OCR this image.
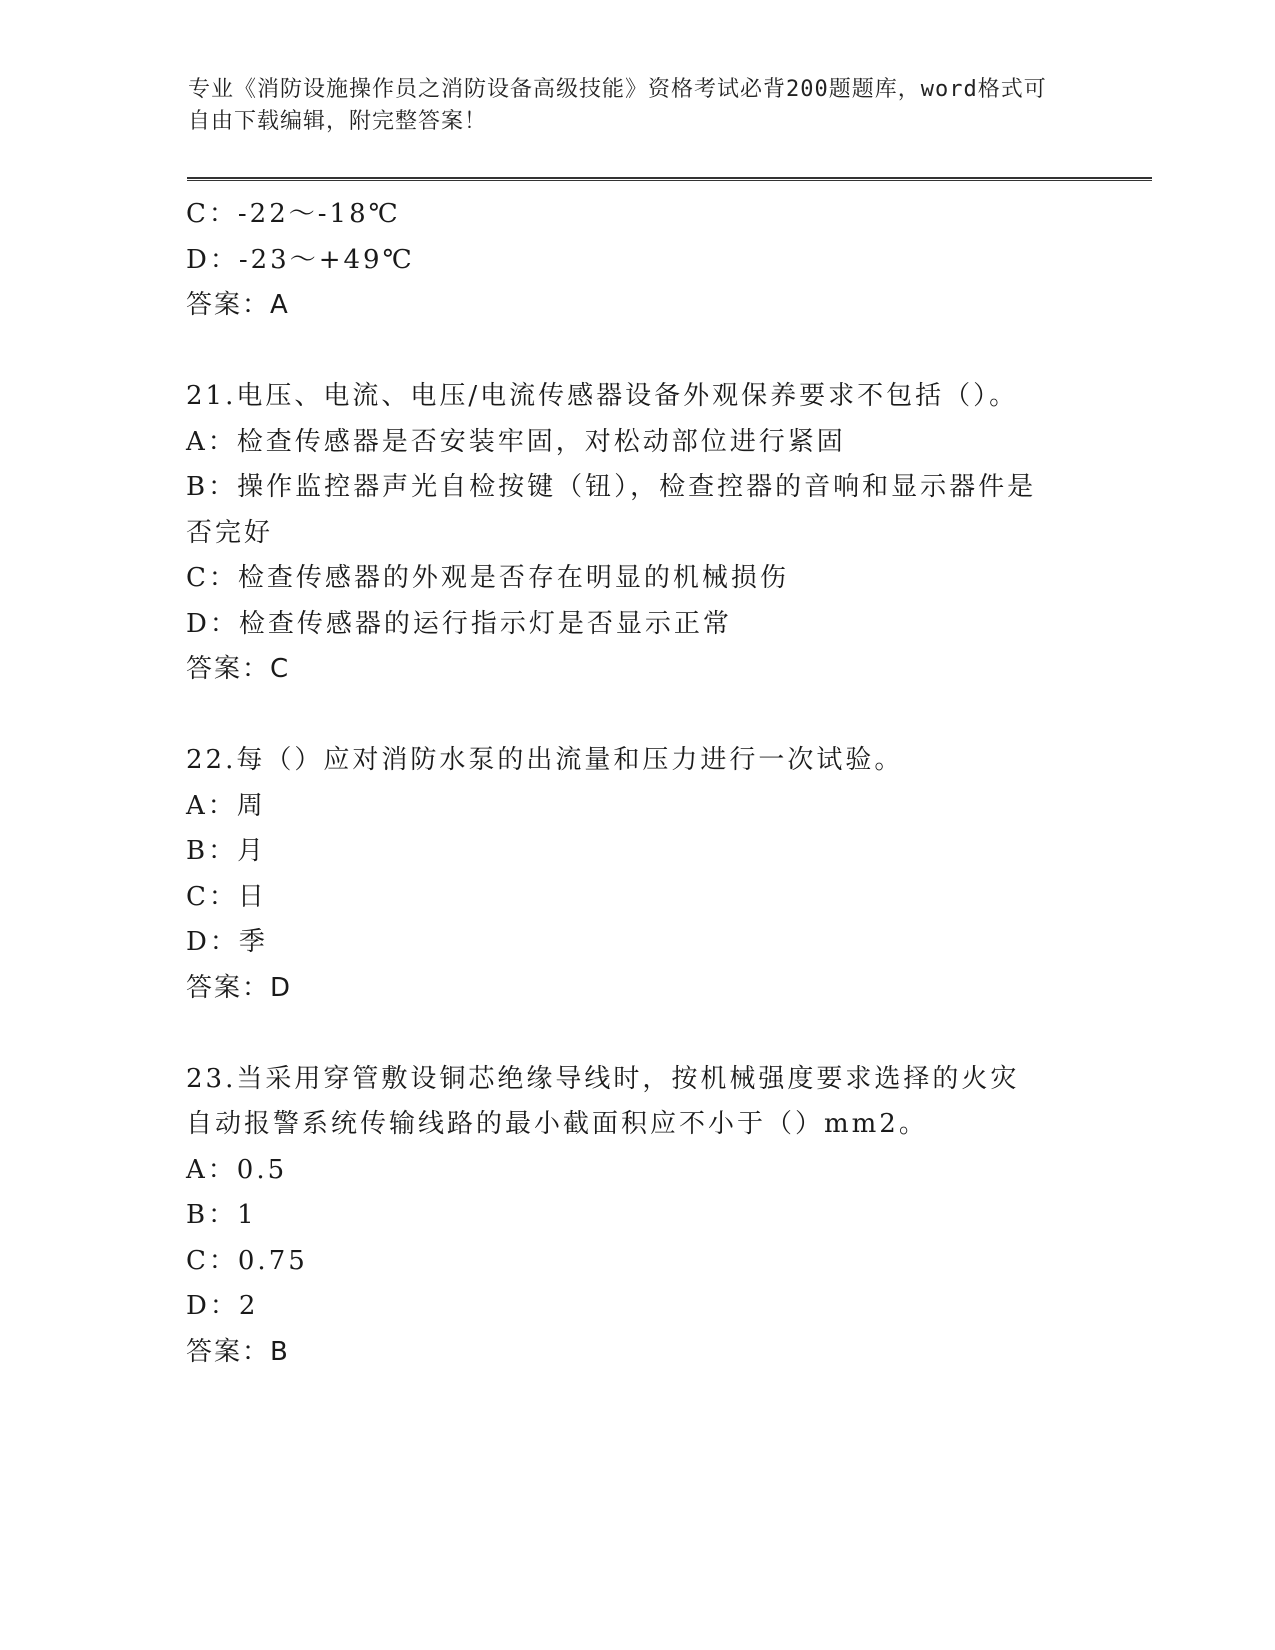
专业《消防设施操作员之消防设备高级技能》资格考试必背200题题库，word格式可自由下载编辑，附完整答案！
C：-22～-18℃
D：-23～+49℃
答案：A
21.电压、电流、电压/电流传感器设备外观保养要求不包括（）。
A：检查传感器是否安装牢固，对松动部位进行紧固
B：操作监控器声光自检按键（钮），检查控器的音响和显示器件是否完好
C：检查传感器的外观是否存在明显的机械损伤
D：检查传感器的运行指示灯是否显示正常
答案：C
22.每（）应对消防水泵的出流量和压力进行一次试验。
A：周
B：月
C：日
D：季
答案：D
23.当采用穿管敷设铜芯绝缘导线时，按机械强度要求选择的火灾自动报警系统传输线路的最小截面积应不小于（）mm2。
A：0.5
B：1
C：0.75
D：2
答案：B
